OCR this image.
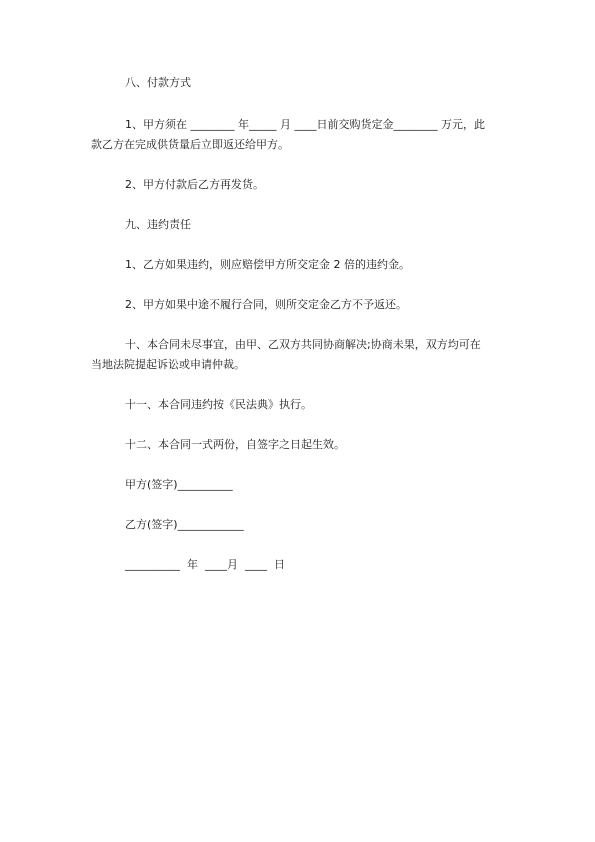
八、付款方式
1、甲方须在 ________ 年_____ 月 ____日前交购货定金________ 万元，此
款乙方在完成供货量后立即返还给甲方。
2、甲方付款后乙方再发货。
九、违约责任
1、乙方如果违约，则应赔偿甲方所交定金 2 倍的违约金。
2、甲方如果中途不履行合同，则所交定金乙方不予返还。
十、本合同未尽事宜，由甲、乙双方共同协商解决;协商未果，双方均可在
当地法院提起诉讼或申请仲裁。
十一、本合同违约按《民法典》执行。
十二、本合同一式两份，自签字之日起生效。
甲方(签字)__________
乙方(签字)____________
__________  年  ____月  ____  日
